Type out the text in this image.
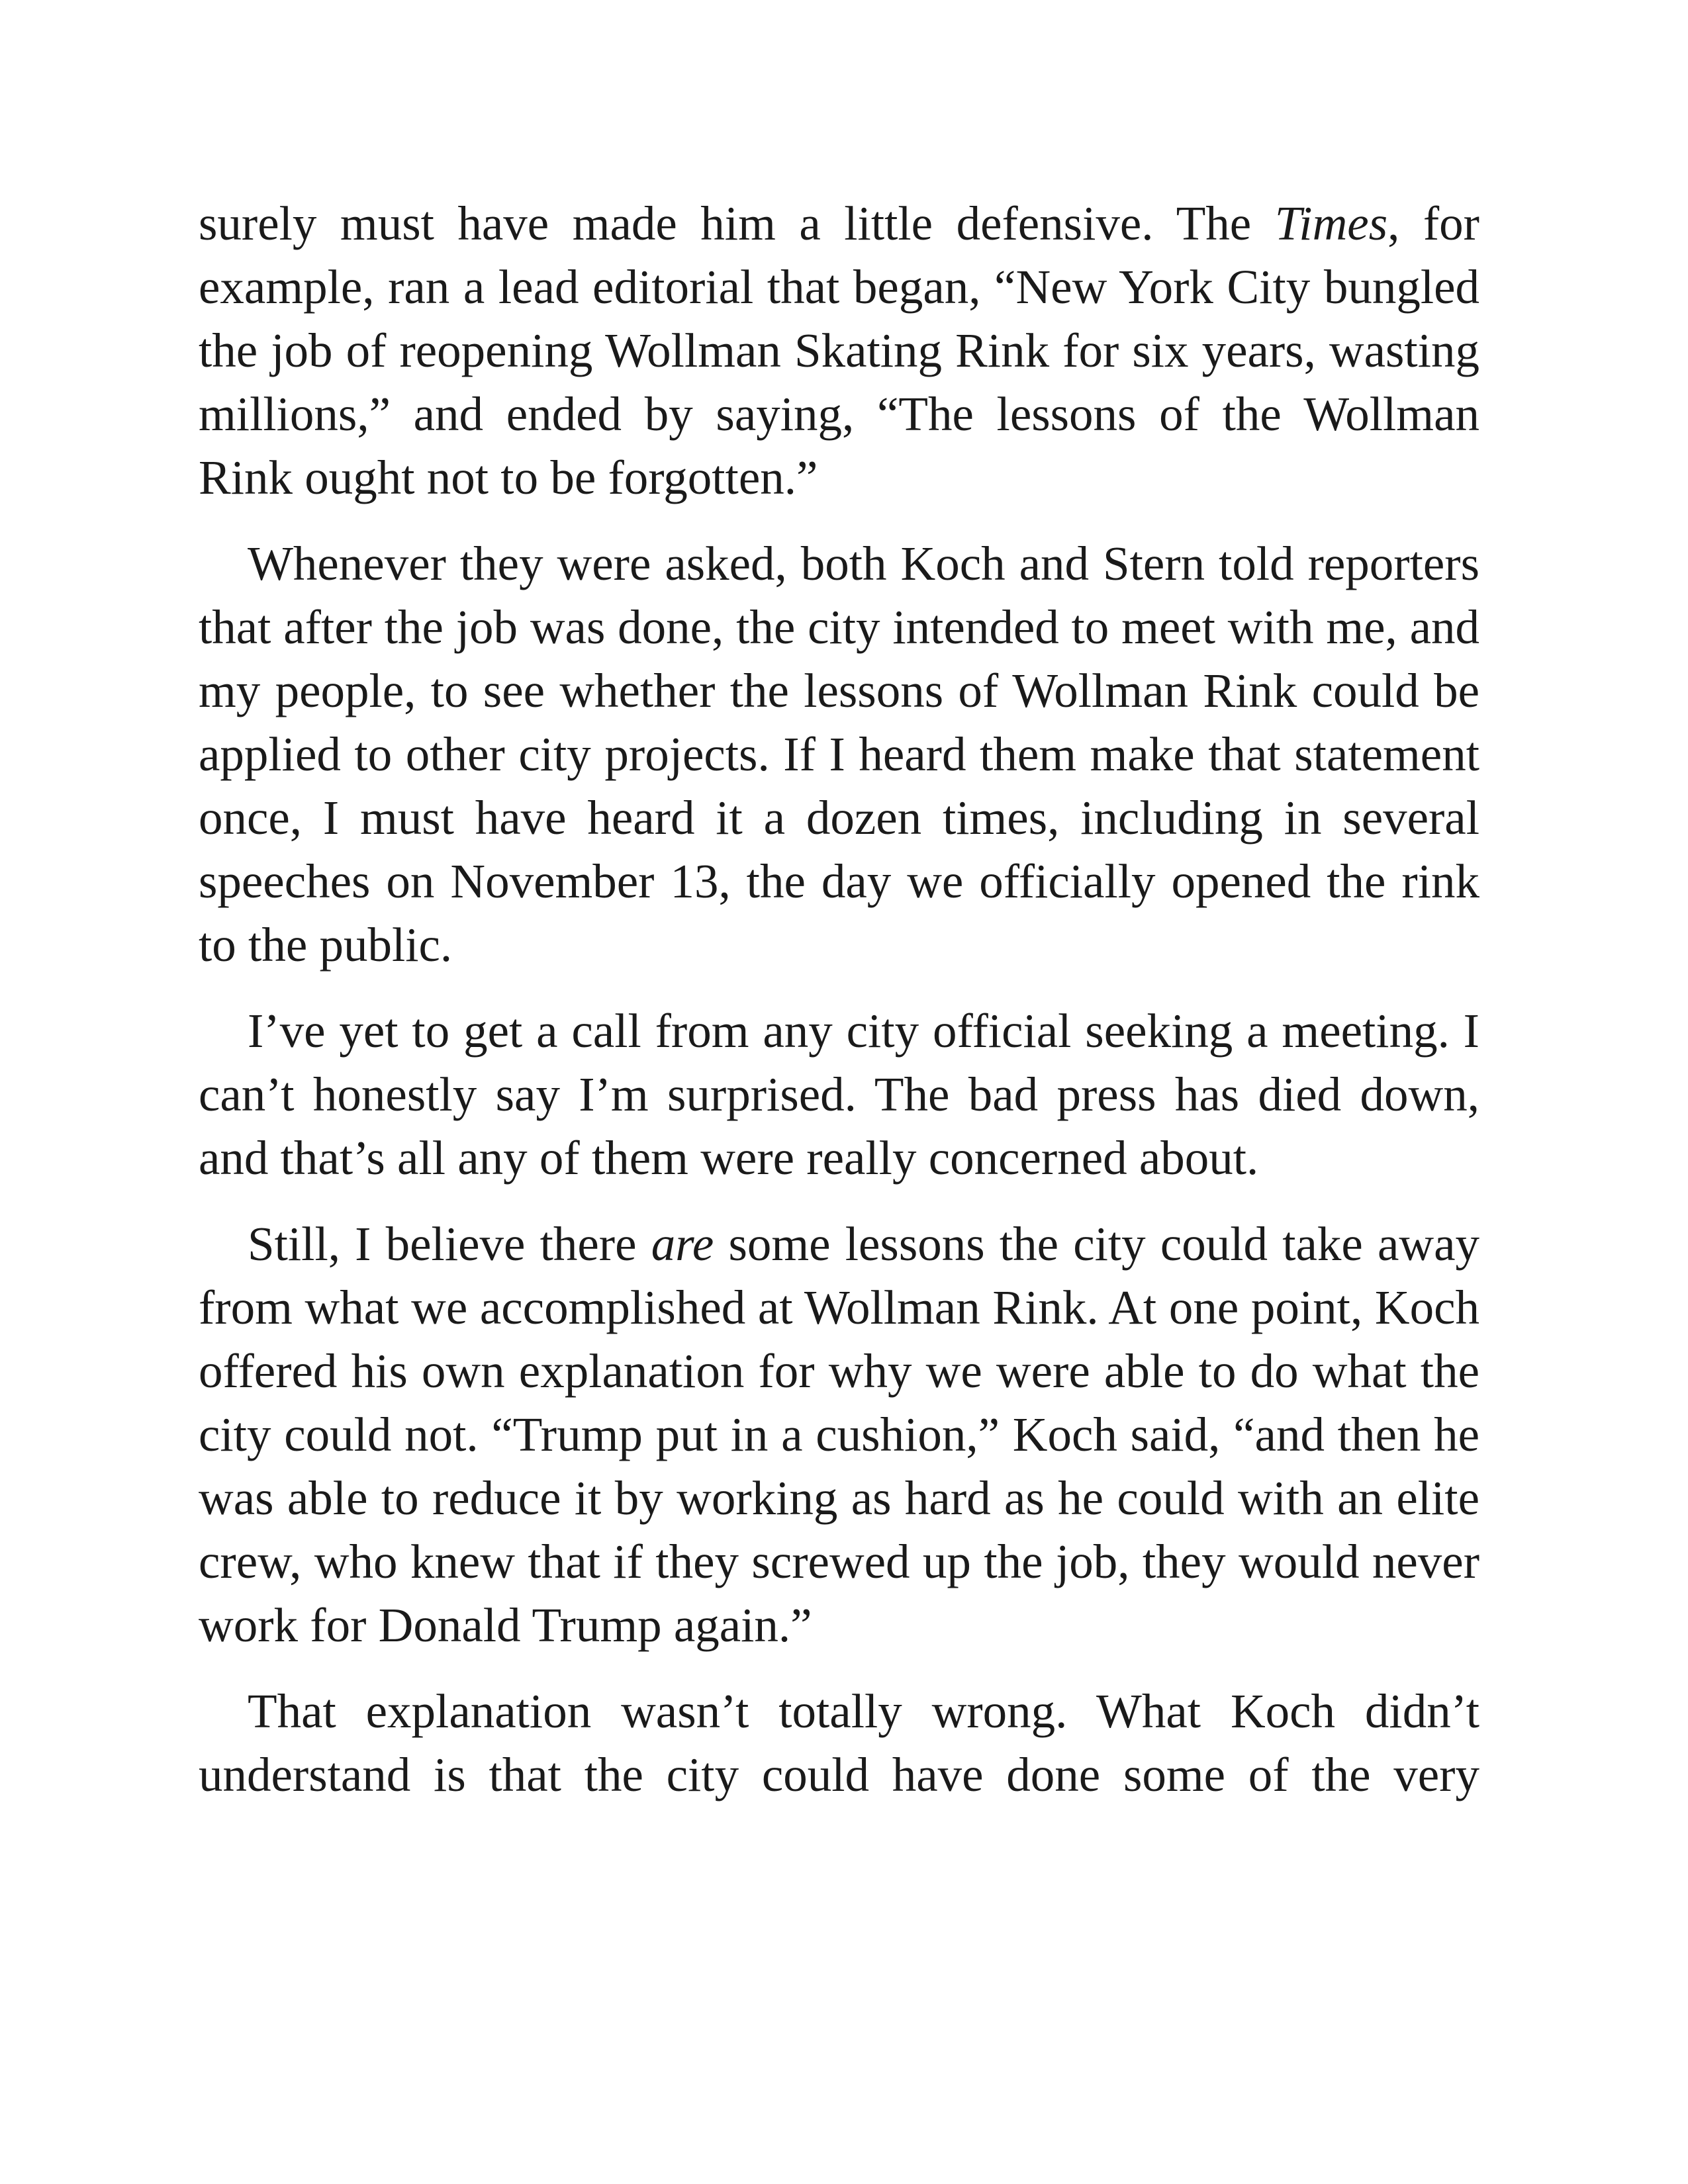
surely must have made him a little defensive. The Times, for example, ran a lead editorial that began, “New York City bungled the job of reopening Wollman Skating Rink for six years, wasting millions,” and ended by saying, “The lessons of the Wollman Rink ought not to be forgotten.”

Whenever they were asked, both Koch and Stern told reporters that after the job was done, the city intended to meet with me, and my people, to see whether the lessons of Wollman Rink could be applied to other city projects. If I heard them make that statement once, I must have heard it a dozen times, including in several speeches on November 13, the day we officially opened the rink to the public.

I’ve yet to get a call from any city official seeking a meeting. I can’t honestly say I’m surprised. The bad press has died down, and that’s all any of them were really concerned about.

Still, I believe there are some lessons the city could take away from what we accomplished at Wollman Rink. At one point, Koch offered his own explanation for why we were able to do what the city could not. “Trump put in a cushion,” Koch said, “and then he was able to reduce it by working as hard as he could with an elite crew, who knew that if they screwed up the job, they would never work for Donald Trump again.”

That explanation wasn’t totally wrong. What Koch didn’t understand is that the city could have done some of the very
